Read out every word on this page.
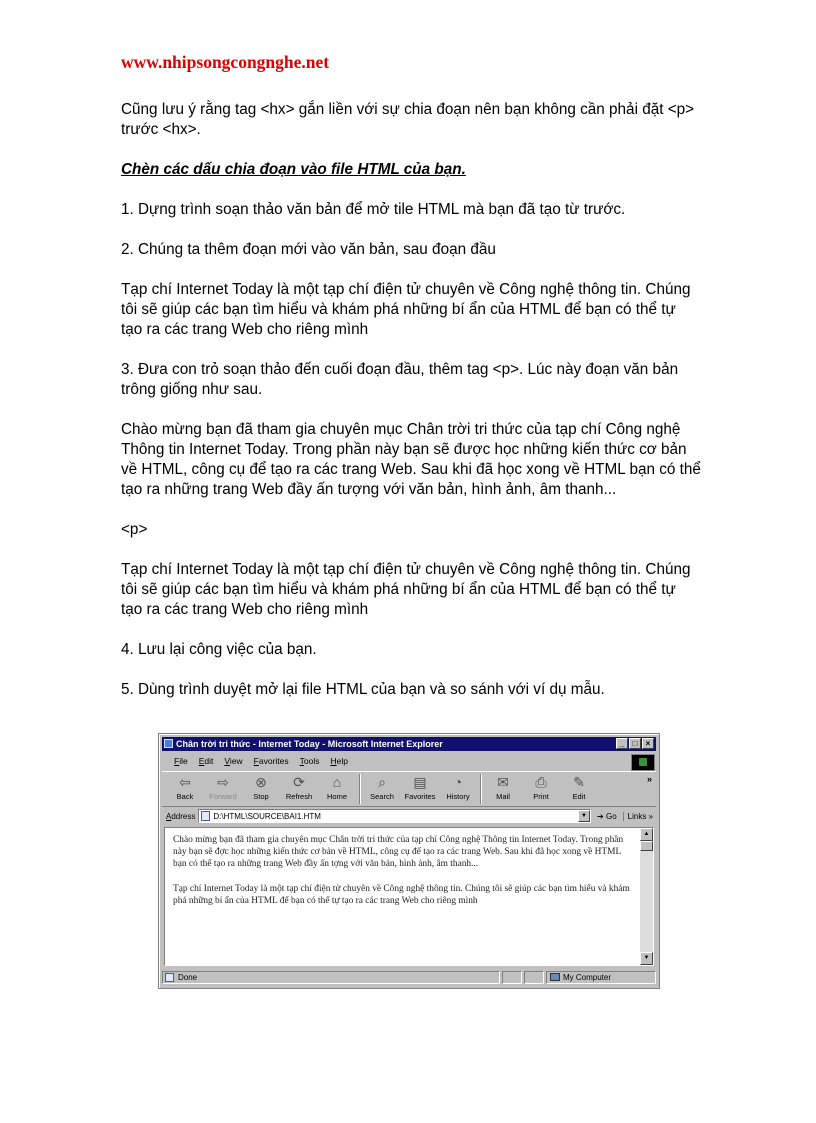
www.nhipsongcongnghe.net

Cũng lưu ý rằng tag <hx> gắn liền với sự chia đoạn nên bạn không cần phải đặt <p> trước <hx>.

Chèn các dấu chia đoạn vào file HTML của bạn.

1. Dựng trình soạn thảo văn bản để mở tile HTML mà bạn đã tạo từ trước.

2. Chúng ta thêm đoạn mới vào văn bản, sau đoạn đầu

Tạp chí Internet Today là một tạp chí điện tử chuyên về Công nghệ thông tin. Chúng tôi sẽ giúp các bạn tìm hiểu và khám phá những bí ẩn của HTML để bạn có thể tự tạo ra các trang Web cho riêng mình

3. Đưa con trỏ soạn thảo đến cuối đoạn đầu, thêm tag <p>. Lúc này đoạn văn bản trông giống như sau.

Chào mừng bạn đã tham gia chuyên mục Chân trời tri thức của tạp chí Công nghệ Thông tin Internet Today. Trong phần này bạn sẽ được học những kiến thức cơ bản về HTML, công cụ để tạo ra các trang Web. Sau khi đã học xong về HTML bạn có thể tạo ra những trang Web đầy ấn tượng với văn bản, hình ảnh, âm thanh...

<p>

Tạp chí Internet Today là một tạp chí điện tử chuyên về Công nghệ thông tin. Chúng tôi sẽ giúp các bạn tìm hiểu và khám phá những bí ẩn của HTML để bạn có thể tự tạo ra các trang Web cho riêng mình

4. Lưu lại công việc của bạn.

5. Dùng trình duyệt mở lại file HTML của bạn và so sánh với ví dụ mẫu.

Chân trời tri thức - Internet Today - Microsoft Internet Explorer	_	□	×
File Edit View Favorites Tools Help
⇦
Back
⇨
Forward
⊗
Stop
⟳
Refresh
⌂
Home
⌕
Search
▤
Favorites
◔
History
✉
Mail
⎙
Print
✎
Edit
»
Address D:\HTML\SOURCE\BAI1.HTM	▼	➔ Go	Links »

Chào mừng bạn đã tham gia chuyên mục Chân trời tri thức của tạp chí Công nghệ Thông tin Internet Today. Trong phần này bạn sẽ đợc học những kiến thức cơ bản về HTML, công cụ để tạo ra các trang Web. Sau khi đã học xong về HTML bạn có thể tạo ra những trang Web đầy ấn tợng với văn bản, hình ảnh, âm thanh...

Tạp chí Internet Today là một tạp chí điện tử chuyên về Công nghệ thông tin. Chúng tôi sẽ giúp các bạn tìm hiểu và khám phá những bí ẩn của HTML để bạn có thể tự tạo ra các trang Web cho riêng mình

▲
▼
Done	My Computer
